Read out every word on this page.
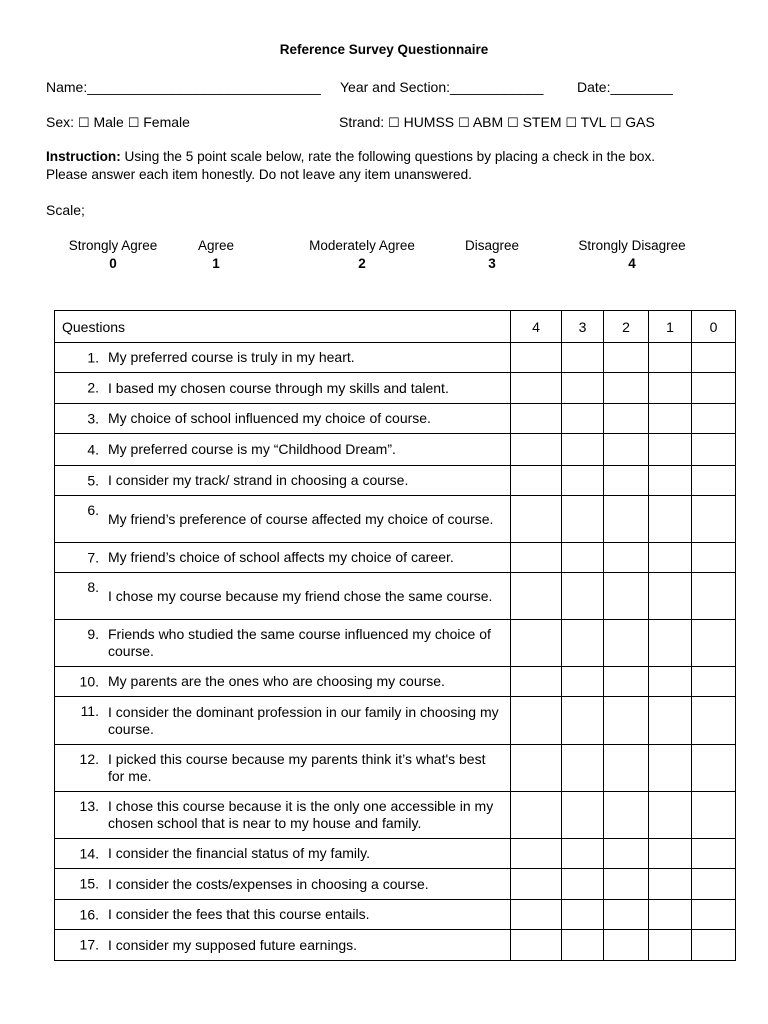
Reference Survey Questionnaire
Name:______________________________ Year and Section:____________ Date:________
Sex: ☐ Male ☐ Female	Strand: ☐ HUMSS ☐ ABM ☐ STEM ☐ TVL ☐ GAS
Instruction: Using the 5 point scale below, rate the following questions by placing a check in the box.
Please answer each item honestly. Do not leave any item unanswered.
Scale;
Strongly Agree
0
Agree
1
Moderately Agree
2
Disagree
3
Strongly Disagree
4
Questions	4	3	2	1	0

1. My preferred course is truly in my heart.					

2. I based my chosen course through my skills and talent.					

3. My choice of school influenced my choice of course.					

4. My preferred course is my “Childhood Dream”.					

5. I consider my track/ strand in choosing a course.					

6.
My friend’s preference of course affected my choice of course.					

7. My friend’s choice of school affects my choice of career.					

8.
I chose my course because my friend chose the same course.					

9. Friends who studied the same course influenced my choice of course.					

10. My parents are the ones who are choosing my course.					

11. I consider the dominant profession in our family in choosing my course.					

12. I picked this course because my parents think it’s what's best for me.					

13. I chose this course because it is the only one accessible in my chosen school that is near to my house and family.					

14. I consider the financial status of my family.					

15. I consider the costs/expenses in choosing a course.					

16. I consider the fees that this course entails.					

17. I consider my supposed future earnings.					
